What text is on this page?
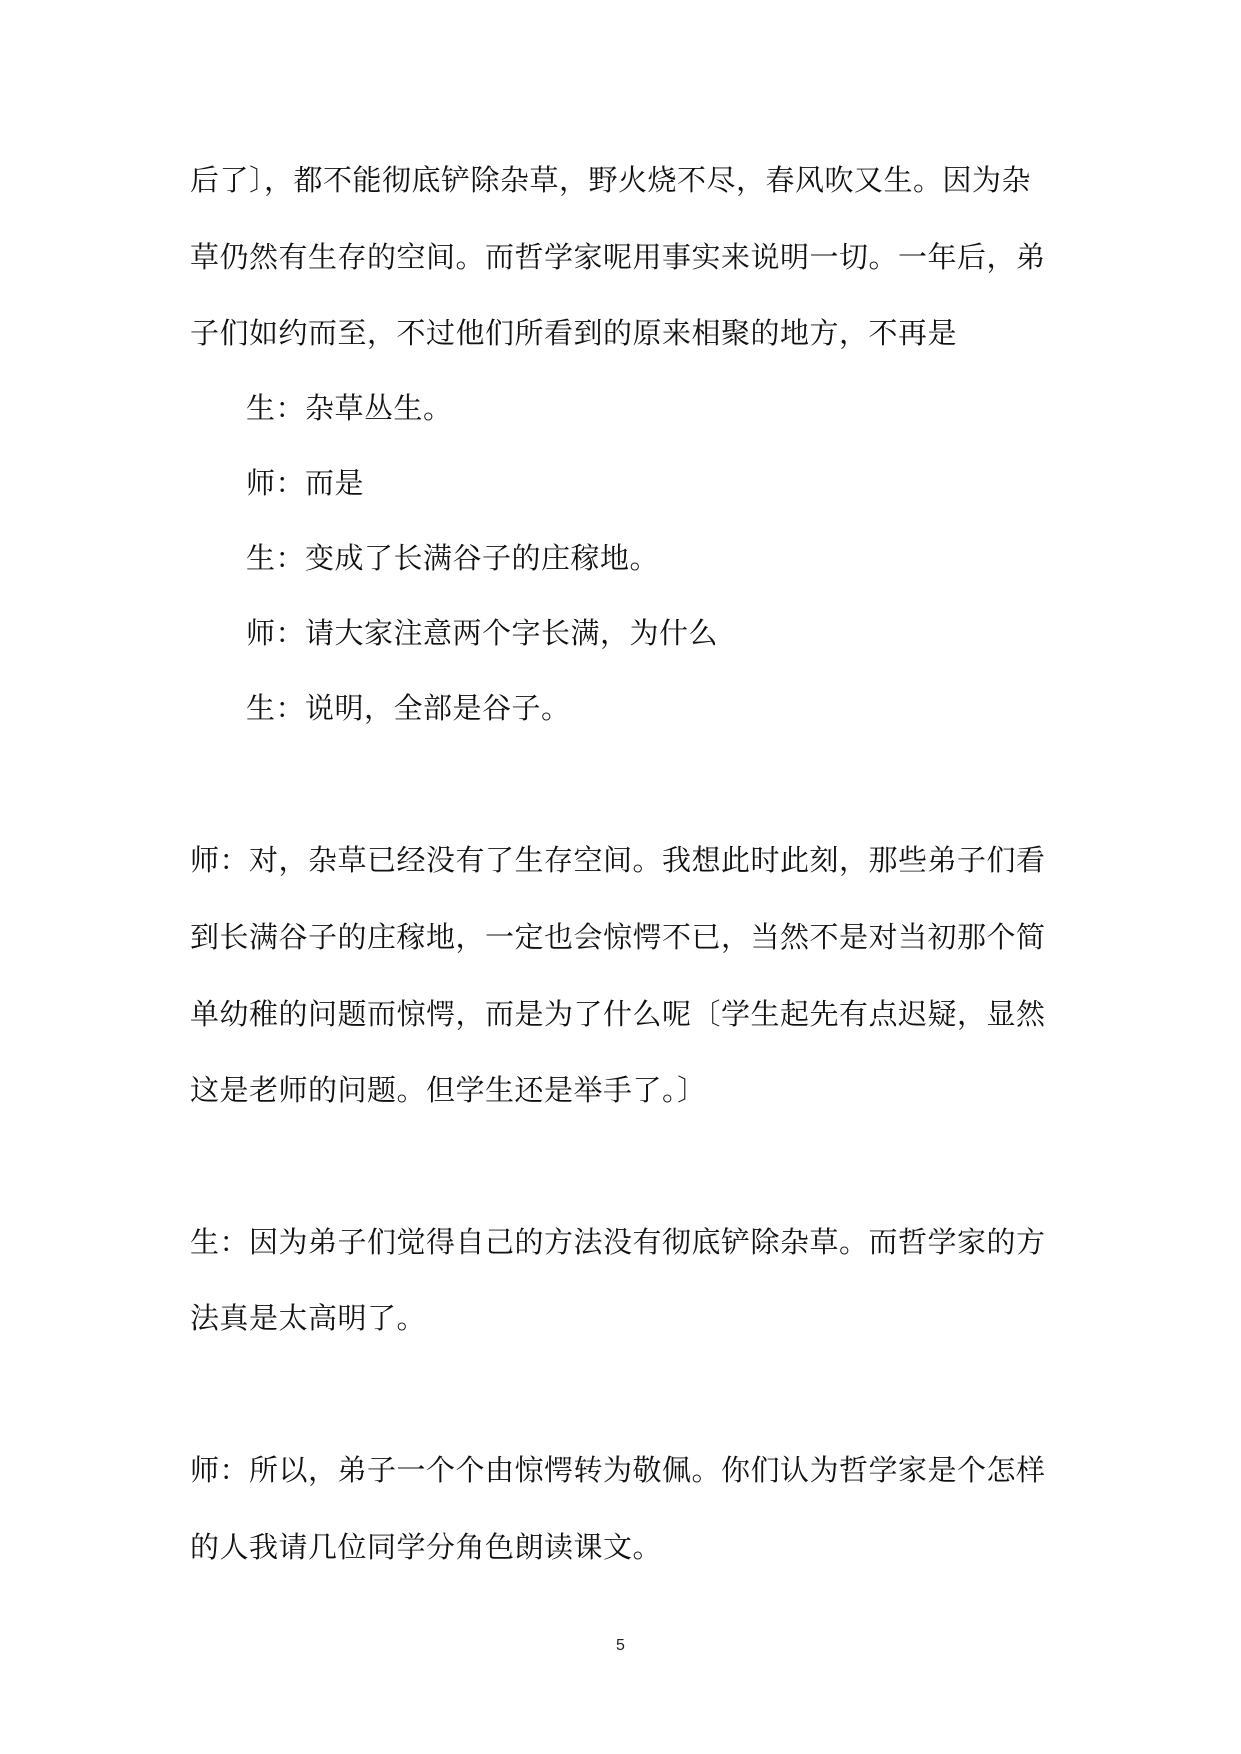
后了〕，都不能彻底铲除杂草，野火烧不尽，春风吹又生。因为杂
草仍然有生存的空间。而哲学家呢用事实来说明一切。一年后，弟
子们如约而至，不过他们所看到的原来相聚的地方，不再是
生：杂草丛生。
师：而是
生：变成了长满谷子的庄稼地。
师：请大家注意两个字长满，为什么
生：说明，全部是谷子。
师：对，杂草已经没有了生存空间。我想此时此刻，那些弟子们看
到长满谷子的庄稼地，一定也会惊愕不已，当然不是对当初那个简
单幼稚的问题而惊愕，而是为了什么呢〔学生起先有点迟疑，显然
这是老师的问题。但学生还是举手了。〕
生：因为弟子们觉得自己的方法没有彻底铲除杂草。而哲学家的方
法真是太高明了。
师：所以，弟子一个个由惊愕转为敬佩。你们认为哲学家是个怎样
的人我请几位同学分角色朗读课文。
5
